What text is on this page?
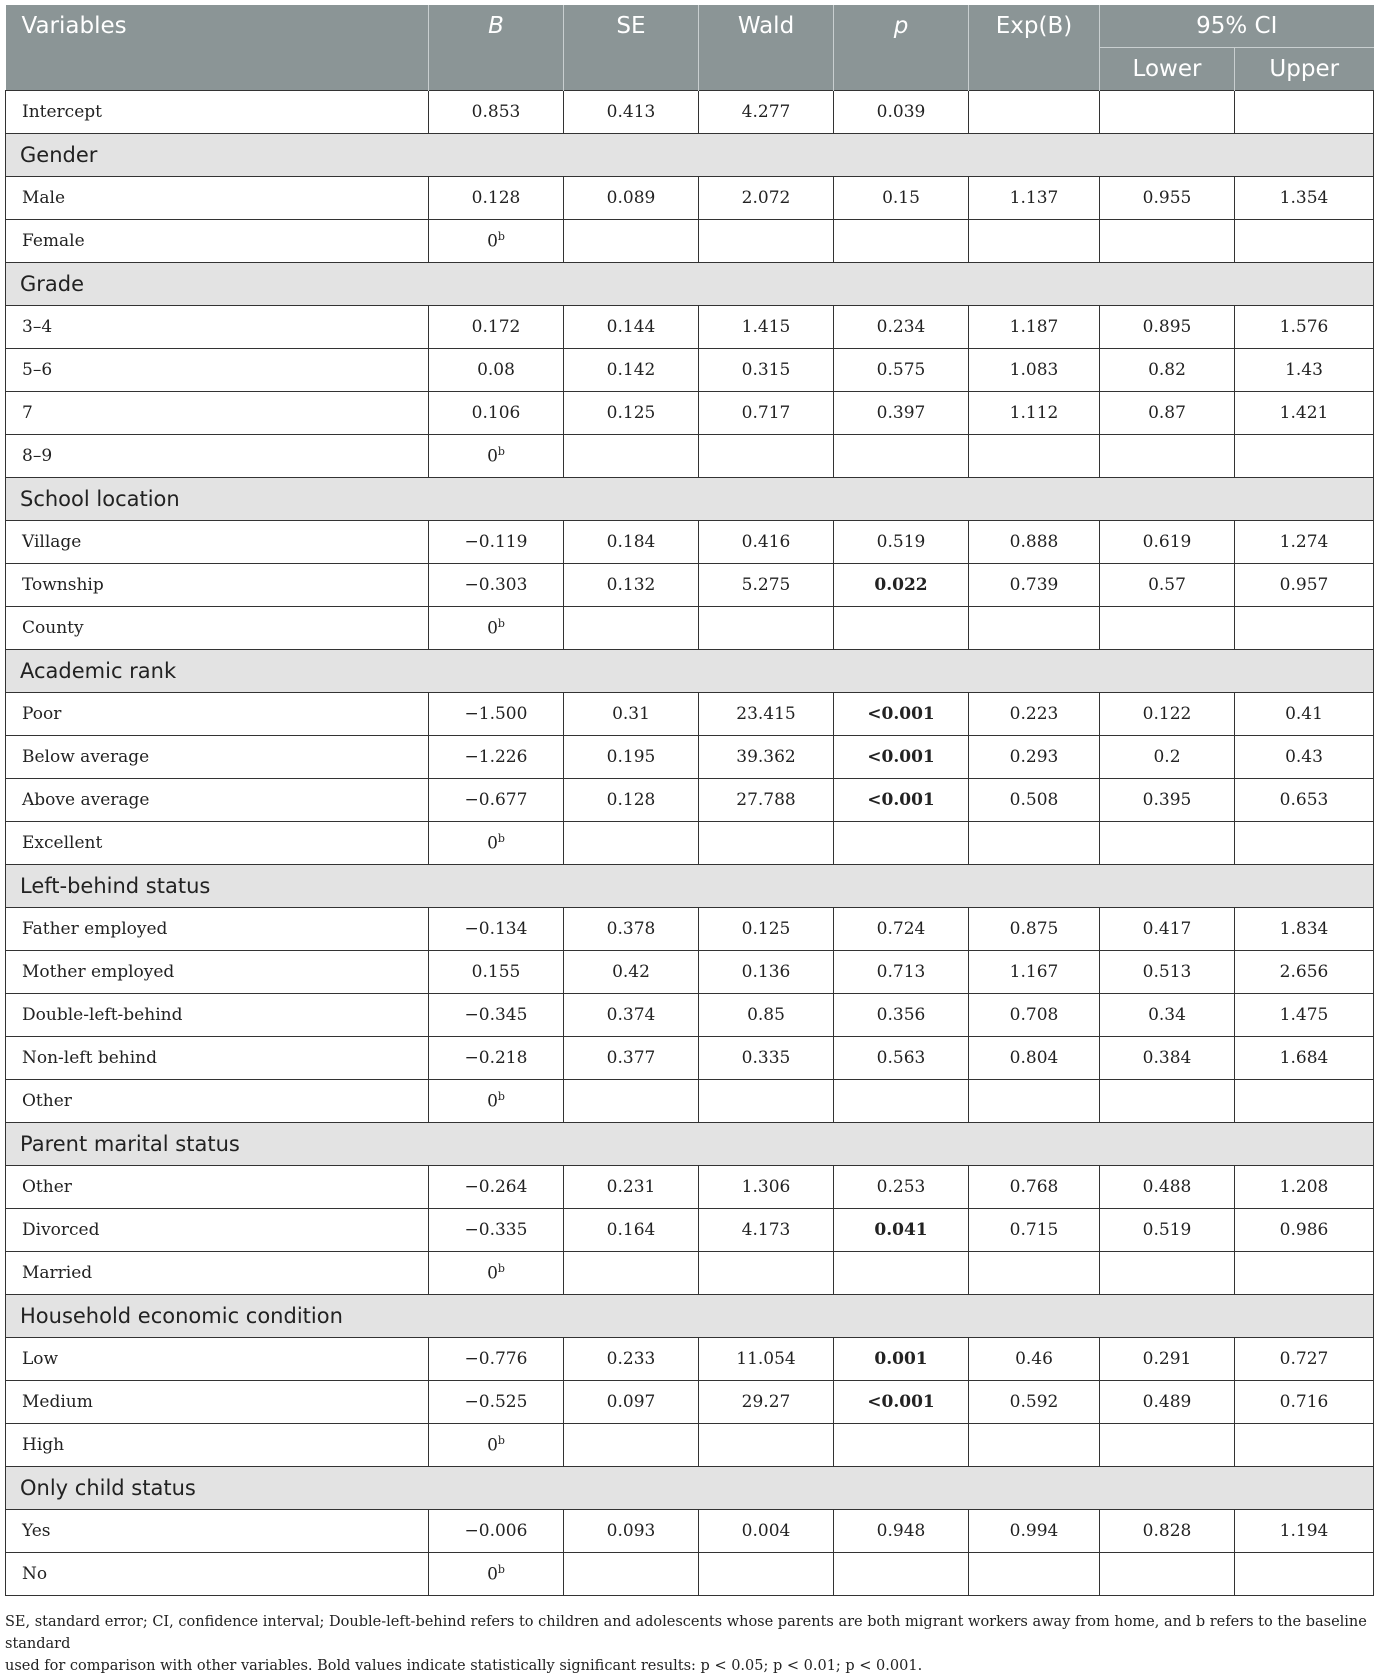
Variables	B	SE	Wald	p	Exp(B)	95% CI	
						Lower	Upper
Intercept	0.853	0.413	4.277	0.039			
Gender							
Male	0.128	0.089	2.072	0.15	1.137	0.955	1.354
Female	0$^b$						
Grade							
3–4	0.172	0.144	1.415	0.234	1.187	0.895	1.576
5–6	0.08	0.142	0.315	0.575	1.083	0.82	1.43
7	0.106	0.125	0.717	0.397	1.112	0.87	1.421
8–9	0$^b$						
School location							
Village	−0.119	0.184	0.416	0.519	0.888	0.619	1.274
Township	−0.303	0.132	5.275	0.022	0.739	0.57	0.957
County	0$^b$						
Academic rank							
Poor	−1.500	0.31	23.415	<0.001	0.223	0.122	0.41
Below average	−1.226	0.195	39.362	<0.001	0.293	0.2	0.43
Above average	−0.677	0.128	27.788	<0.001	0.508	0.395	0.653
Excellent	0$^b$						
Left-behind status							
Father employed	−0.134	0.378	0.125	0.724	0.875	0.417	1.834
Mother employed	0.155	0.42	0.136	0.713	1.167	0.513	2.656
Double-left-behind	−0.345	0.374	0.85	0.356	0.708	0.34	1.475
Non-left behind	−0.218	0.377	0.335	0.563	0.804	0.384	1.684
Other	0$^b$						
Parent marital status							
Other	−0.264	0.231	1.306	0.253	0.768	0.488	1.208
Divorced	−0.335	0.164	4.173	0.041	0.715	0.519	0.986
Married	0$^b$						
Household economic condition							
Low	−0.776	0.233	11.054	0.001	0.46	0.291	0.727
Medium	−0.525	0.097	29.27	<0.001	0.592	0.489	0.716
High	0$^b$						
Only child status							
Yes	−0.006	0.093	0.004	0.948	0.994	0.828	1.194
No	0$^b$						
SE, standard error; CI, confidence interval; Double-left-behind refers to children and adolescents whose parents are both migrant workers away from home, and b refers to the baseline standard
used for comparison with other variables. Bold values indicate statistically significant results: p < 0.05; p < 0.01; p < 0.001.
